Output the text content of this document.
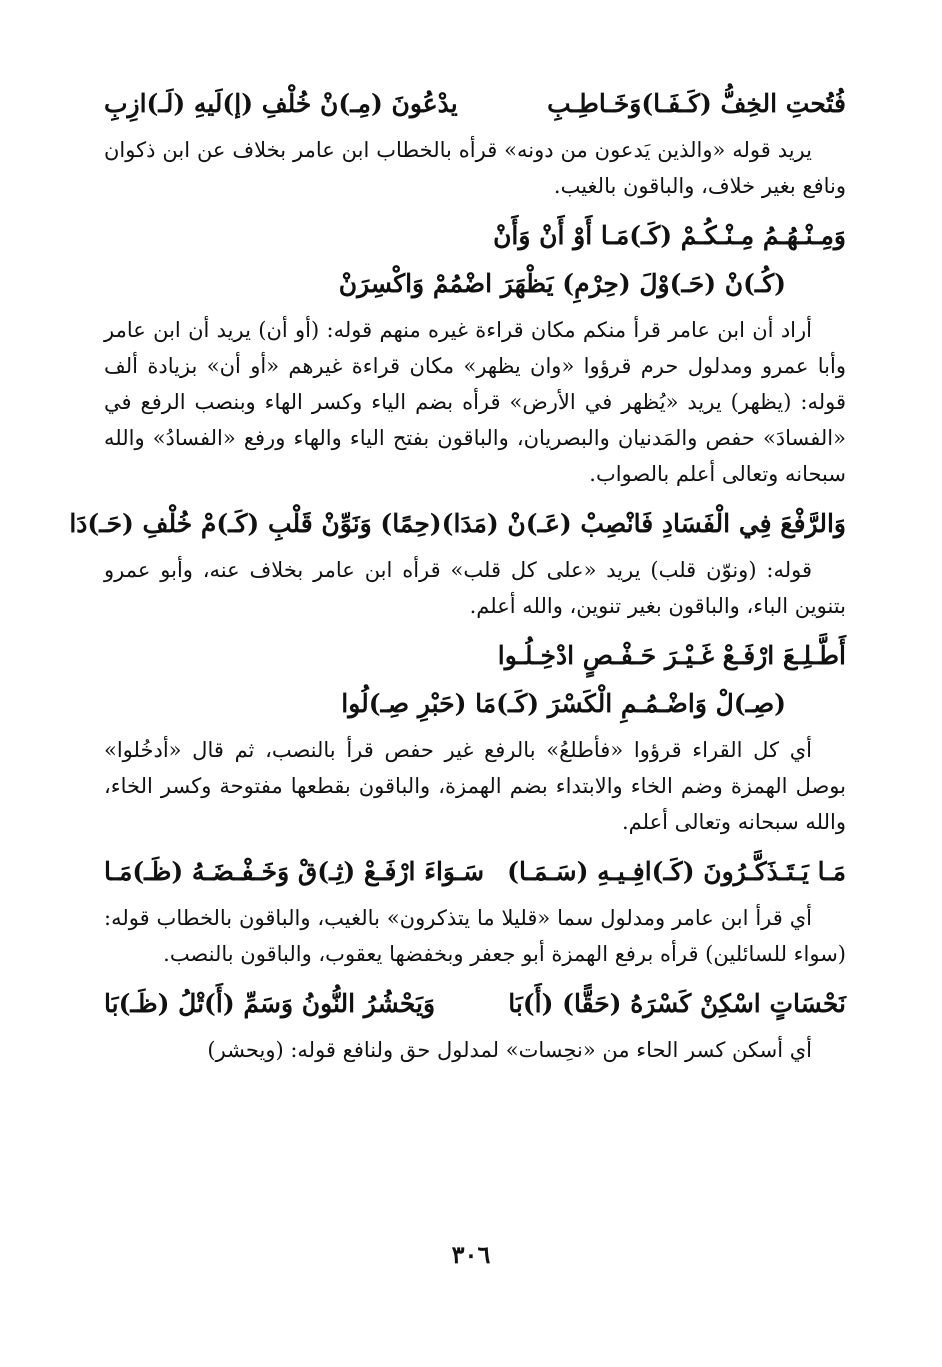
فُتُحتِ الخِفُّ (كَـفَـا)وَخَـاطِـبِ
يدْعُونَ (مِـ)نْ خُلْفِ (إ)لَيهِ (لَـ)ازِبِ

يريد قوله «والذين يَدعون من دونه» قرأه بالخطاب ابن عامر بخلاف عن ابن ذكوان ونافع بغير خلاف، والباقون بالغيب.

وَمِـنْـهُـمُ مِـنْـكُـمْ (كَـ)مَـا أَوْ أَنْ وَأَنْ
(كُـ)نْ (حَـ)وْلَ (حِرْمِ) يَظْهَرَ اضْمُمْ وَاكْسِرَنْ

أراد أن ابن عامر قرأ منكم مكان قراءة غيره منهم قوله: (أو أن) يريد أن ابن عامر وأبا عمرو ومدلول حرم قرؤوا «وان يظهر» مكان قراءة غيرهم «أو أن» بزيادة ألف قوله: (يظهر) يريد «يُظهر في الأرض» قرأه بضم الياء وكسر الهاء وبنصب الرفع في «الفسادَ» حفص والمَدنيان والبصريان، والباقون بفتح الياء والهاء ورفع «الفسادُ» والله سبحانه وتعالى أعلم بالصواب.

وَالرَّفْعَ فِي الْفَسَادِ فَانْصِبْ (عَـ)نْ (مَدَا)
(حِمًا) وَنَوِّنْ قَلْبِ (كَـ)مْ خُلْفِ (حَـ)دَا

قوله: (ونوّن قلب) يريد «على كل قلب» قرأه ابن عامر بخلاف عنه، وأبو عمرو بتنوين الباء، والباقون بغير تنوين، والله أعلم.

أَطَّـلِـعَ ارْفَـعْ غَـيْـرَ حَـفْـصٍ ادْخِـلُـوا
(صِـ)لْ وَاضْـمُـمِ الْكَسْرَ (كَـ)مَا (حَبْرِ صِـ)لُوا

أي كل القراء قرؤوا «فأطلعُ» بالرفع غير حفص قرأ بالنصب، ثم قال «أدخُلوا» بوصل الهمزة وضم الخاء والابتداء بضم الهمزة، والباقون بقطعها مفتوحة وكسر الخاء، والله سبحانه وتعالى أعلم.

مَـا يَـتَـذَكَّـرُونَ (كَـ)افِـيـهِ (سَـمَـا)
سَـوَاءَ ارْفَـعْ (ثِـ)قْ وَخَـفْـضَـهُ (ظَـ)مَـا

أي قرأ ابن عامر ومدلول سما «قليلا ما يتذكرون» بالغيب، والباقون بالخطاب قوله: (سواء للسائلين) قرأه برفع الهمزة أبو جعفر وبخفضها يعقوب، والباقون بالنصب.

نَحْسَاتٍ اسْكِنْ كَسْرَهُ (حَقًّا) (أَ)بَا
وَيَحْشُرُ النُّونُ وَسَمِّ (أَ)تْلُ (ظَـ)بَا

أي أسكن كسر الحاء من «نحِسات» لمدلول حق ولنافع قوله: (ويحشر)

٣٠٦
